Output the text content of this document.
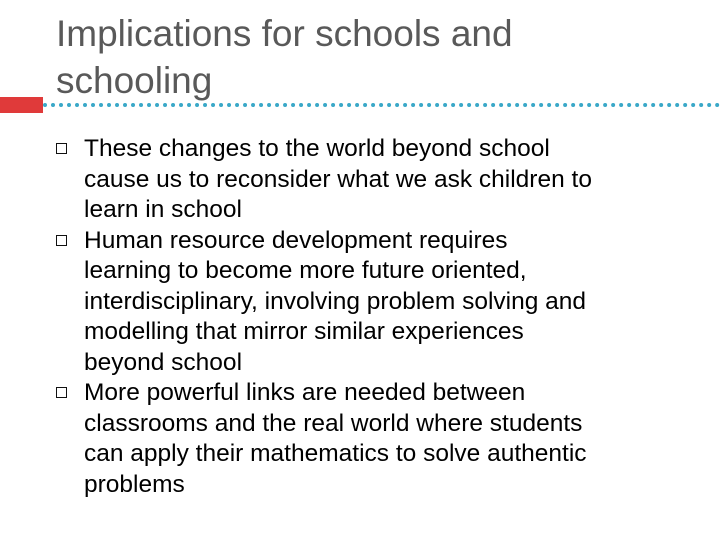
Implications for schools and
schooling
These changes to the world beyond school
cause us to reconsider what we ask children to
learn in school
Human resource development requires
learning to become more future oriented,
interdisciplinary, involving problem solving and
modelling that mirror similar experiences
beyond school
More powerful links are needed between
classrooms and the real world where students
can apply their mathematics to solve authentic
problems
